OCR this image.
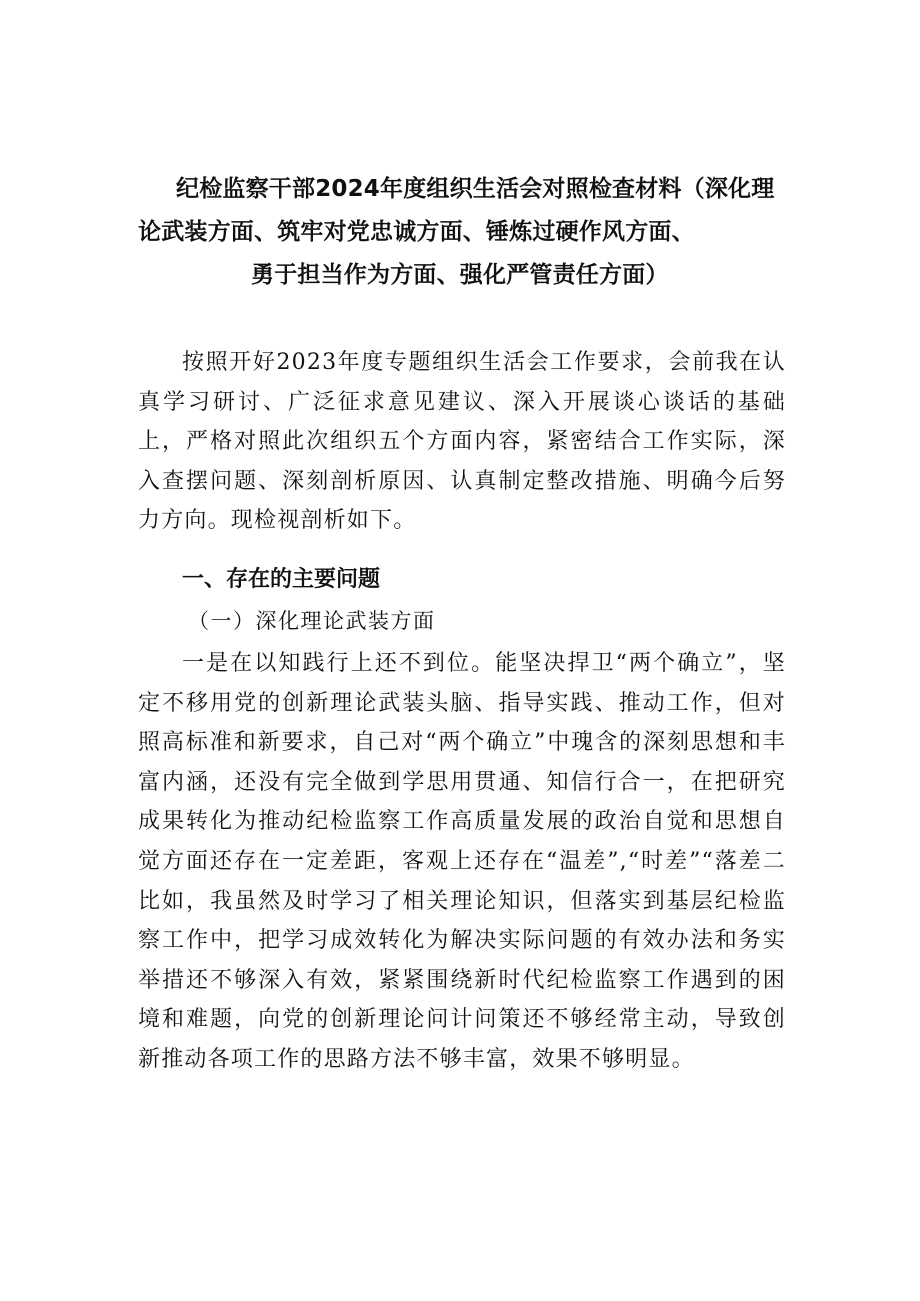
纪检监察干部2024年度组织生活会对照检查材料（深化理
论武装方面、筑牢对党忠诚方面、锤炼过硬作风方面、
勇于担当作为方面、强化严管责任方面）

按照开好2023年度专题组织生活会工作要求，会前我在认真学习研讨、广泛征求意见建议、深入开展谈心谈话的基础上，严格对照此次组织五个方面内容，紧密结合工作实际，深入查摆问题、深刻剖析原因、认真制定整改措施、明确今后努力方向。现检视剖析如下。

一、存在的主要问题
（一）深化理论武装方面

一是在以知践行上还不到位。能坚决捍卫“两个确立”，坚定不移用党的创新理论武装头脑、指导实践、推动工作，但对照高标准和新要求，自己对“两个确立”中瑰含的深刻思想和丰富内涵，还没有完全做到学思用贯通、知信行合一，在把研究成果转化为推动纪检监察工作高质量发展的政治自觉和思想自觉方面还存在一定差距，客观上还存在“温差”,“时差”“落差二比如，我虽然及时学习了相关理论知识，但落实到基层纪检监察工作中，把学习成效转化为解决实际问题的有效办法和务实举措还不够深入有效，紧紧围绕新时代纪检监察工作遇到的困境和难题，向党的创新理论问计问策还不够经常主动，导致创新推动各项工作的思路方法不够丰富，效果不够明显。
